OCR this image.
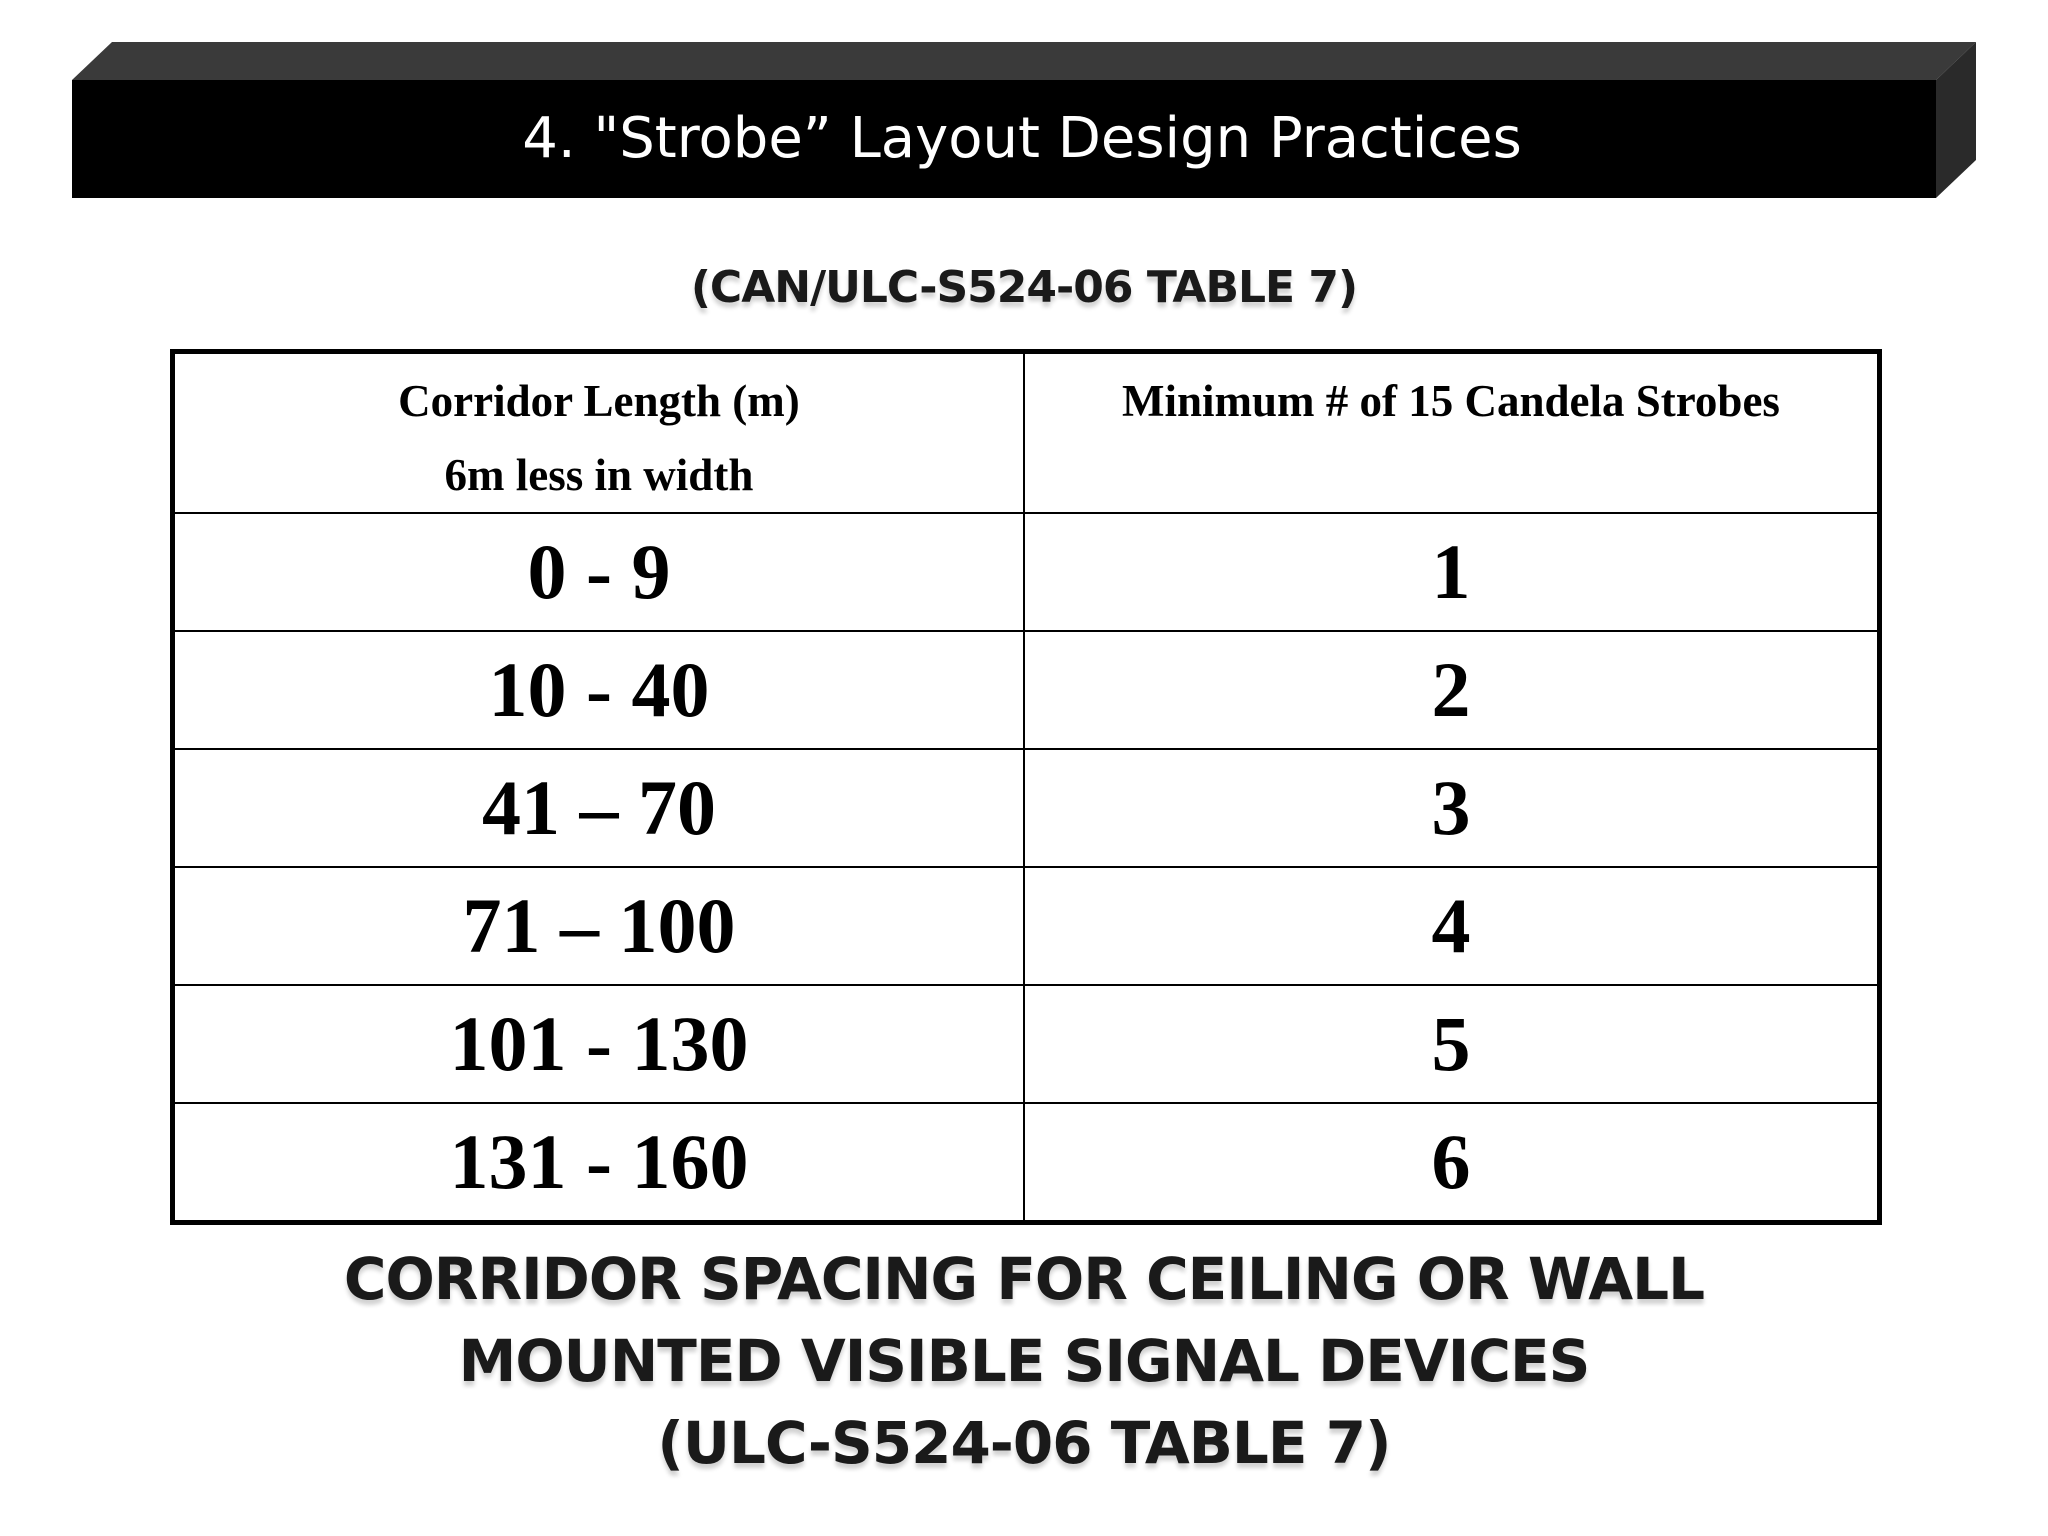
4. "Strobe” Layout Design Practices
(CAN/ULC-S524-06 TABLE 7)
Corridor Length (m)
6m less in width	Minimum # of 15 Candela Strobes

0 - 9	1
10 - 40	2
41 – 70	3
71 – 100	4
101 - 130	5
131 - 160	6
CORRIDOR SPACING FOR CEILING OR WALL
MOUNTED VISIBLE SIGNAL DEVICES
(ULC-S524-06 TABLE 7)
